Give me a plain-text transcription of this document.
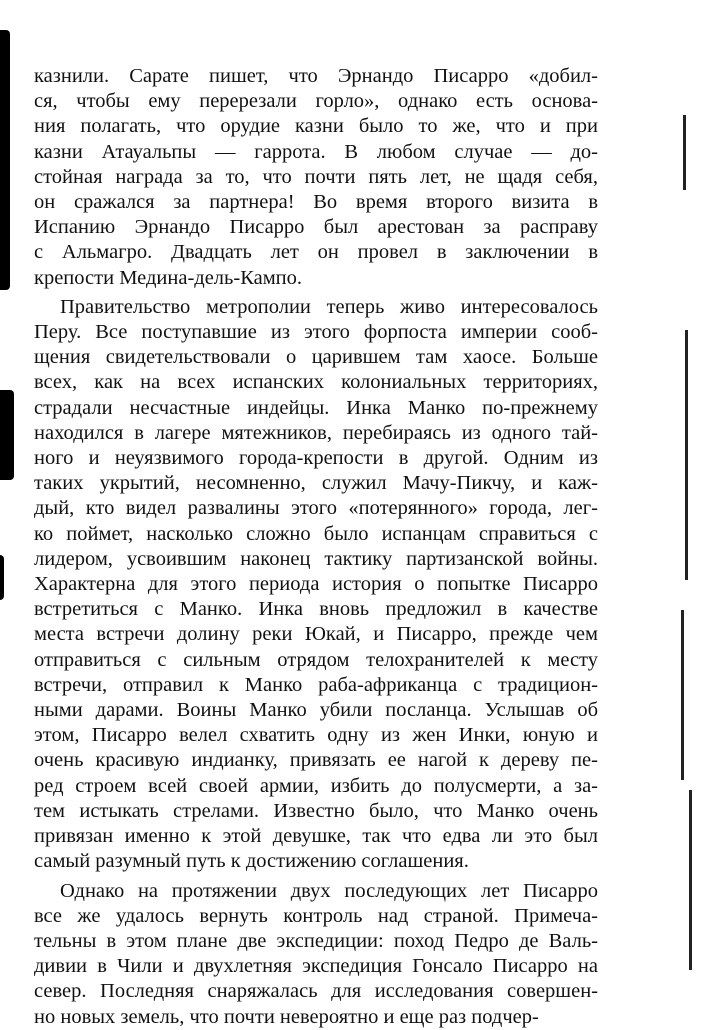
казнили. Сарате пишет, что Эрнандо Писарро «добил-
ся, чтобы ему перерезали горло», однако есть основа-
ния полагать, что орудие казни было то же, что и при
казни Атауальпы — гаррота. В любом случае — до-
стойная награда за то, что почти пять лет, не щадя себя,
он сражался за партнера! Во время второго визита в
Испанию Эрнандо Писарро был арестован за расправу
с Альмагро. Двадцать лет он провел в заключении в
крепости Медина-дель-Кампо.
Правительство метрополии теперь живо интересовалось
Перу. Все поступавшие из этого форпоста империи сооб-
щения свидетельствовали о царившем там хаосе. Больше
всех, как на всех испанских колониальных территориях,
страдали несчастные индейцы. Инка Манко по-прежнему
находился в лагере мятежников, перебираясь из одного тай-
ного и неуязвимого города-крепости в другой. Одним из
таких укрытий, несомненно, служил Мачу-Пикчу, и каж-
дый, кто видел развалины этого «потерянного» города, лег-
ко поймет, насколько сложно было испанцам справиться с
лидером, усвоившим наконец тактику партизанской войны.
Характерна для этого периода история о попытке Писарро
встретиться с Манко. Инка вновь предложил в качестве
места встречи долину реки Юкай, и Писарро, прежде чем
отправиться с сильным отрядом телохранителей к месту
встречи, отправил к Манко раба-африканца с традицион-
ными дарами. Воины Манко убили посланца. Услышав об
этом, Писарро велел схватить одну из жен Инки, юную и
очень красивую индианку, привязать ее нагой к дереву пе-
ред строем всей своей армии, избить до полусмерти, а за-
тем истыкать стрелами. Известно было, что Манко очень
привязан именно к этой девушке, так что едва ли это был
самый разумный путь к достижению соглашения.
Однако на протяжении двух последующих лет Писарро
все же удалось вернуть контроль над страной. Примеча-
тельны в этом плане две экспедиции: поход Педро де Валь-
дивии в Чили и двухлетняя экспедиция Гонсало Писарро на
север. Последняя снаряжалась для исследования совершен-
но новых земель, что почти невероятно и еще раз подчер-
